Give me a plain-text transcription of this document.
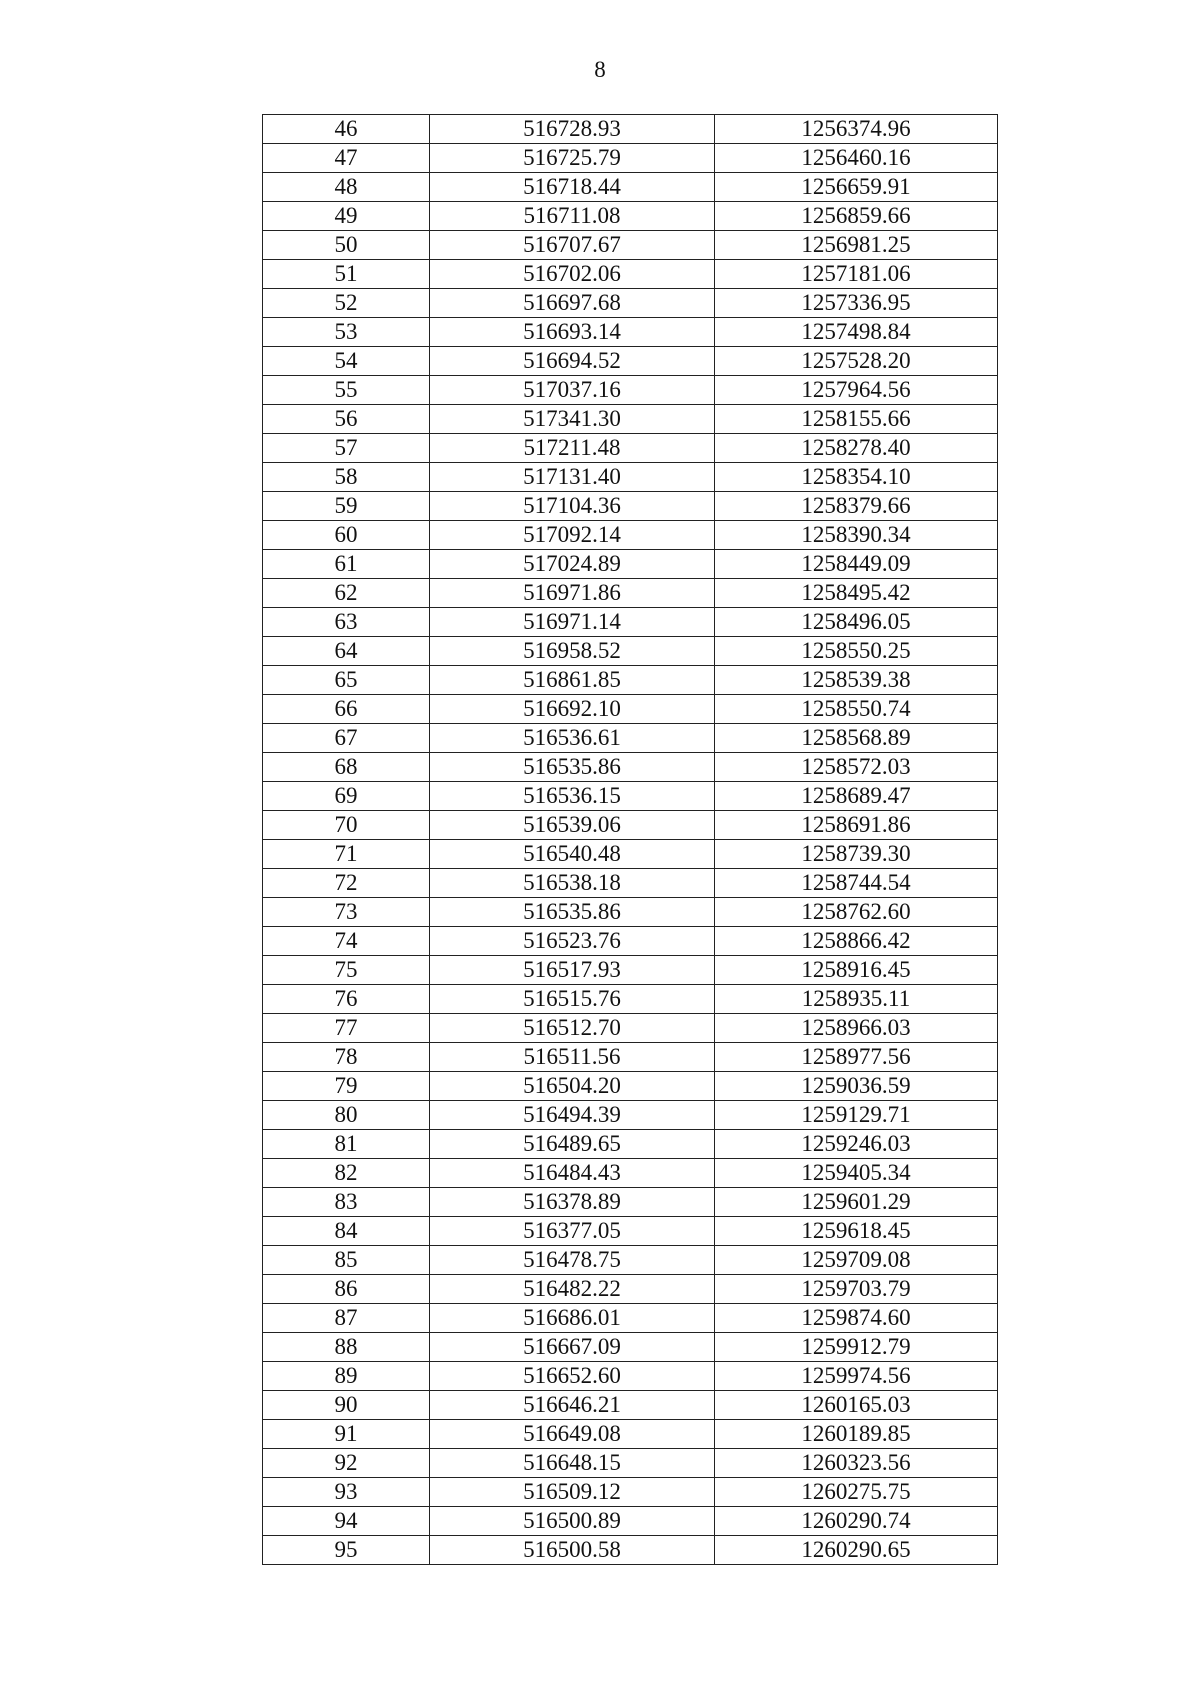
8
46	516728.93	1256374.96
47	516725.79	1256460.16
48	516718.44	1256659.91
49	516711.08	1256859.66
50	516707.67	1256981.25
51	516702.06	1257181.06
52	516697.68	1257336.95
53	516693.14	1257498.84
54	516694.52	1257528.20
55	517037.16	1257964.56
56	517341.30	1258155.66
57	517211.48	1258278.40
58	517131.40	1258354.10
59	517104.36	1258379.66
60	517092.14	1258390.34
61	517024.89	1258449.09
62	516971.86	1258495.42
63	516971.14	1258496.05
64	516958.52	1258550.25
65	516861.85	1258539.38
66	516692.10	1258550.74
67	516536.61	1258568.89
68	516535.86	1258572.03
69	516536.15	1258689.47
70	516539.06	1258691.86
71	516540.48	1258739.30
72	516538.18	1258744.54
73	516535.86	1258762.60
74	516523.76	1258866.42
75	516517.93	1258916.45
76	516515.76	1258935.11
77	516512.70	1258966.03
78	516511.56	1258977.56
79	516504.20	1259036.59
80	516494.39	1259129.71
81	516489.65	1259246.03
82	516484.43	1259405.34
83	516378.89	1259601.29
84	516377.05	1259618.45
85	516478.75	1259709.08
86	516482.22	1259703.79
87	516686.01	1259874.60
88	516667.09	1259912.79
89	516652.60	1259974.56
90	516646.21	1260165.03
91	516649.08	1260189.85
92	516648.15	1260323.56
93	516509.12	1260275.75
94	516500.89	1260290.74
95	516500.58	1260290.65
